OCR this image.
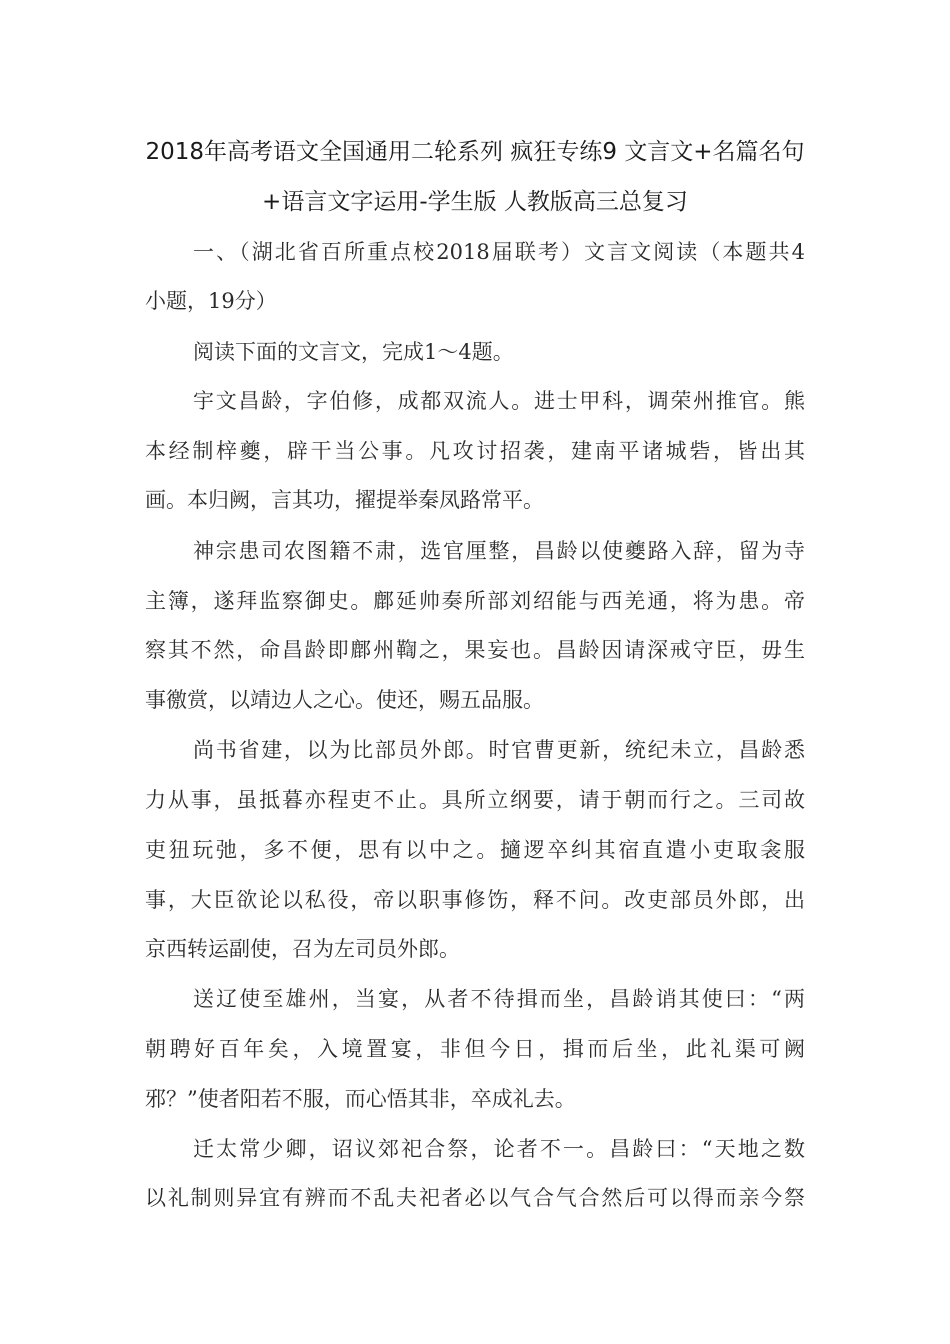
2018年高考语文全国通用二轮系列 疯狂专练9 文言文+名篇名句
+语言文字运用-学生版 人教版高三总复习
一、（湖北省百所重点校2018届联考）文言文阅读（本题共4
小题，19分）
阅读下面的文言文，完成1～4题。
宇文昌龄，字伯修，成都双流人。进士甲科，调荣州推官。熊
本经制梓夔，辟干当公事。凡攻讨招袭，建南平诸城砦，皆出其
画。本归阙，言其功，擢提举秦凤路常平。
神宗患司农图籍不肃，选官厘整，昌龄以使夔路入辞，留为寺
主簿，遂拜监察御史。鄜延帅奏所部刘绍能与西羌通，将为患。帝
察其不然，命昌龄即鄜州鞫之，果妄也。昌龄因请深戒守臣，毋生
事徼赏，以靖边人之心。使还，赐五品服。
尚书省建，以为比部员外郎。时官曹更新，统纪未立，昌龄悉
力从事，虽抵暮亦程吏不止。具所立纲要，请于朝而行之。三司故
吏狃玩弛，多不便，思有以中之。擿逻卒纠其宿直遣小吏取衾服
事，大臣欲论以私役，帝以职事修饬，释不问。改吏部员外郎，出
京西转运副使，召为左司员外郎。
送辽使至雄州，当宴，从者不待揖而坐，昌龄诮其使曰：“两
朝聘好百年矣，入境置宴，非但今日，揖而后坐，此礼渠可阙
邪？”使者阳若不服，而心悟其非，卒成礼去。
迁太常少卿，诏议郊祀合祭，论者不一。昌龄曰：“天地之数
以礼制则异宜有辨而不乱夫祀者必以气合气合然后可以得而亲今祭
